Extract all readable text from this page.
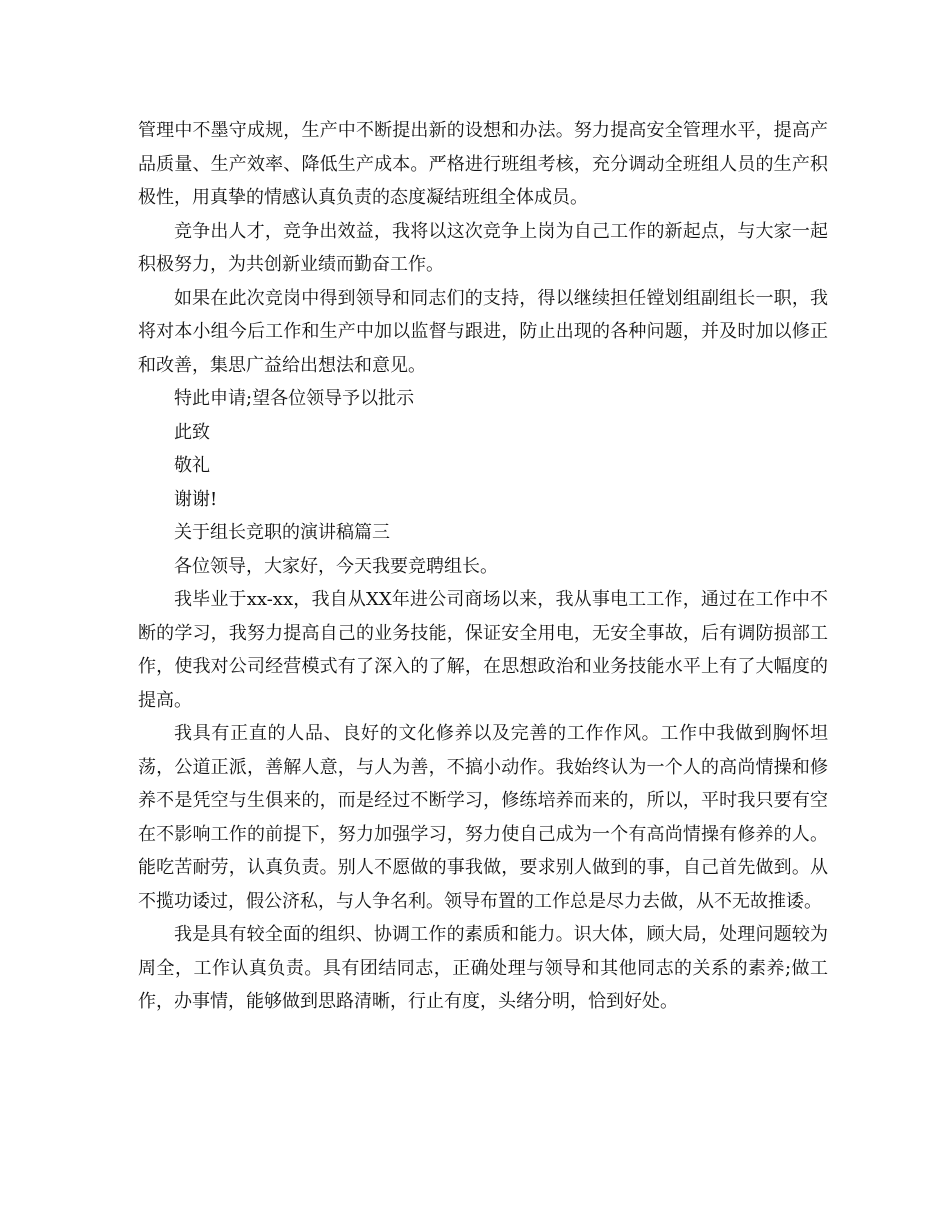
管理中不墨守成规，生产中不断提出新的设想和办法。努力提高安全管理水平，提高产品质量、生产效率、降低生产成本。严格进行班组考核，充分调动全班组人员的生产积极性，用真挚的情感认真负责的态度凝结班组全体成员。

竞争出人才，竞争出效益，我将以这次竞争上岗为自己工作的新起点，与大家一起积极努力，为共创新业绩而勤奋工作。

如果在此次竞岗中得到领导和同志们的支持，得以继续担任镗划组副组长一职，我将对本小组今后工作和生产中加以监督与跟进，防止出现的各种问题，并及时加以修正和改善，集思广益给出想法和意见。

特此申请;望各位领导予以批示

此致

敬礼

谢谢!

关于组长竞职的演讲稿篇三

各位领导，大家好，今天我要竞聘组长。

我毕业于xx-xx，我自从XX年进公司商场以来，我从事电工工作，通过在工作中不断的学习，我努力提高自己的业务技能，保证安全用电，无安全事故，后有调防损部工作，使我对公司经营模式有了深入的了解，在思想政治和业务技能水平上有了大幅度的提高。

我具有正直的人品、良好的文化修养以及完善的工作作风。工作中我做到胸怀坦荡，公道正派，善解人意，与人为善，不搞小动作。我始终认为一个人的高尚情操和修养不是凭空与生俱来的，而是经过不断学习，修练培养而来的，所以，平时我只要有空在不影响工作的前提下，努力加强学习，努力使自己成为一个有高尚情操有修养的人。能吃苦耐劳，认真负责。别人不愿做的事我做，要求别人做到的事，自己首先做到。从不揽功诿过，假公济私，与人争名利。领导布置的工作总是尽力去做，从不无故推诿。

我是具有较全面的组织、协调工作的素质和能力。识大体，顾大局，处理问题较为周全，工作认真负责。具有团结同志，正确处理与领导和其他同志的关系的素养;做工作，办事情，能够做到思路清晰，行止有度，头绪分明，恰到好处。
